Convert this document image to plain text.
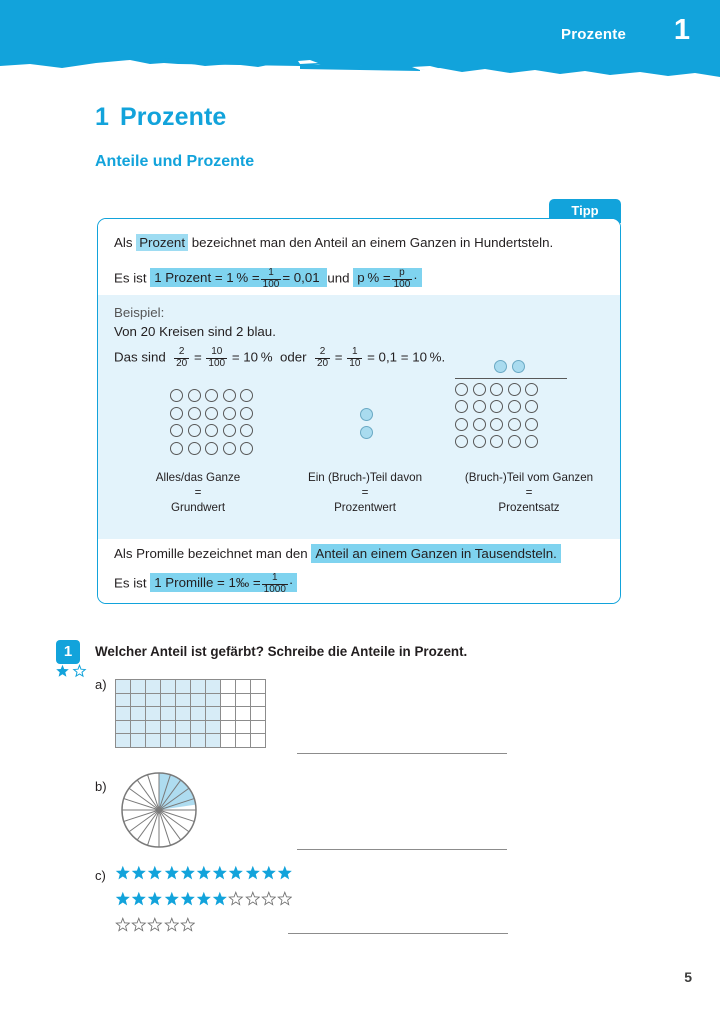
Prozente 1
1 Prozente
Anteile und Prozente
Tipp
Als Prozent bezeichnet man den Anteil an einem Ganzen in Hundertsteln.
Es ist 1 Prozent = 1 % = $\frac{1}{100} = 0,01$ und p % = $\frac{p}{100}$ ·
Beispiel:
Von 20 Kreisen sind 2 blau.
Das sind $\frac{2}{20} = \frac{10}{100} = 10$ % oder $\frac{2}{20} = \frac{1}{10} = 0,1 = 10$ %.
Alles/das Ganze
=
Grundwert
Ein (Bruch-)Teil davon
=
Prozentwert
(Bruch-)Teil vom Ganzen
=
Prozentsatz
Als Promille bezeichnet man den Anteil an einem Ganzen in Tausendsteln.
Es ist 1 Promille = 1‰ = $\frac{1}{1000}$ ·
1	Welcher Anteil ist gefärbt? Schreibe die Anteile in Prozent.
a)
b)
c)

5
